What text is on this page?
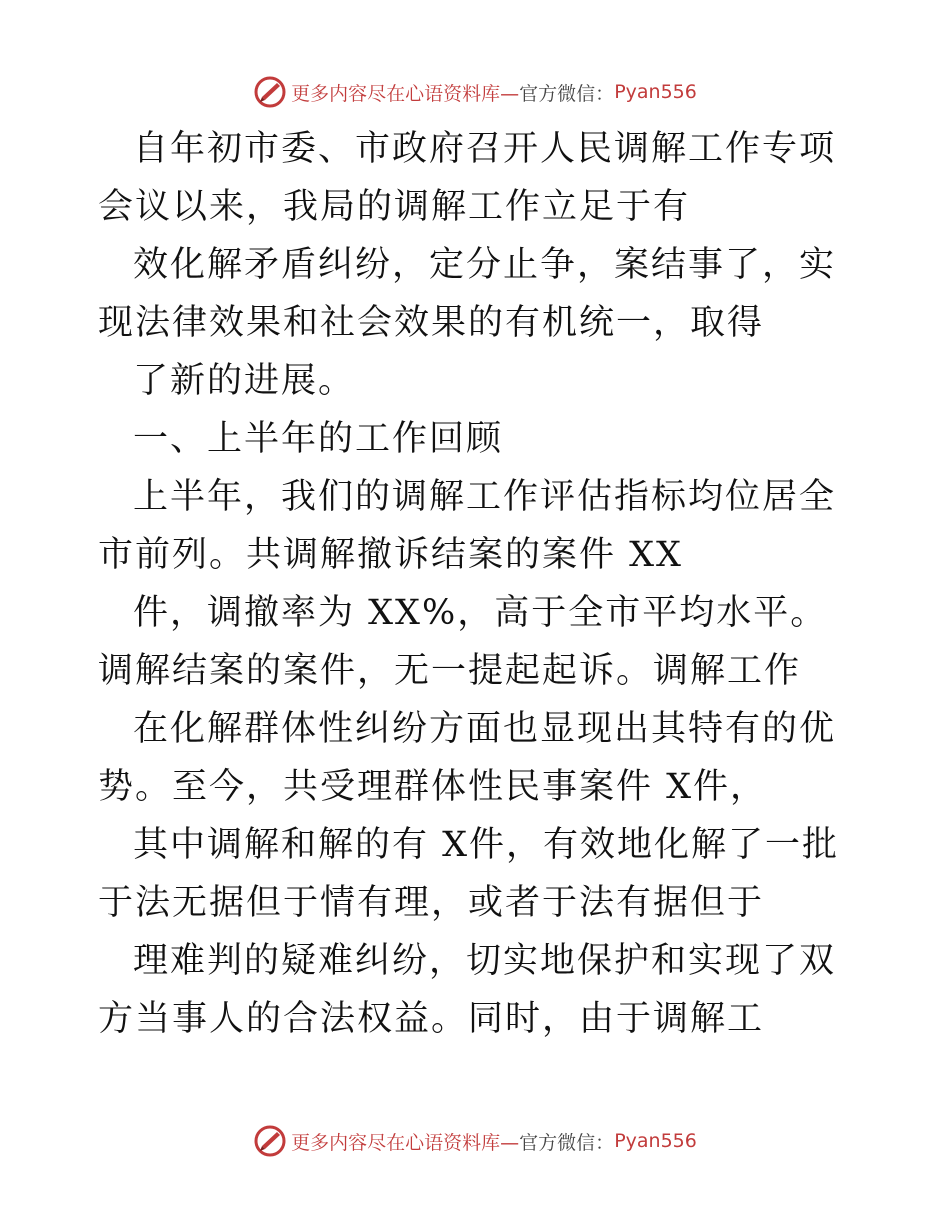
更多内容尽在心语资料库— 官方微信： Pyan556

自年初市委、市政府召开人民调解工作专项会议以来，我局的调解工作立足于有

效化解矛盾纠纷，定分止争，案结事了，实现法律效果和社会效果的有机统一，取得

了新的进展。

一、上半年的工作回顾

上半年，我们的调解工作评估指标均位居全市前列。共调解撤诉结案的案件 XX

件，调撤率为 XX%，高于全市平均水平。调解结案的案件，无一提起起诉。调解工作

在化解群体性纠纷方面也显现出其特有的优势。至今，共受理群体性民事案件 X件，

其中调解和解的有 X件，有效地化解了一批于法无据但于情有理，或者于法有据但于

理难判的疑难纠纷，切实地保护和实现了双方当事人的合法权益。同时，由于调解工

更多内容尽在心语资料库— 官方微信： Pyan556
